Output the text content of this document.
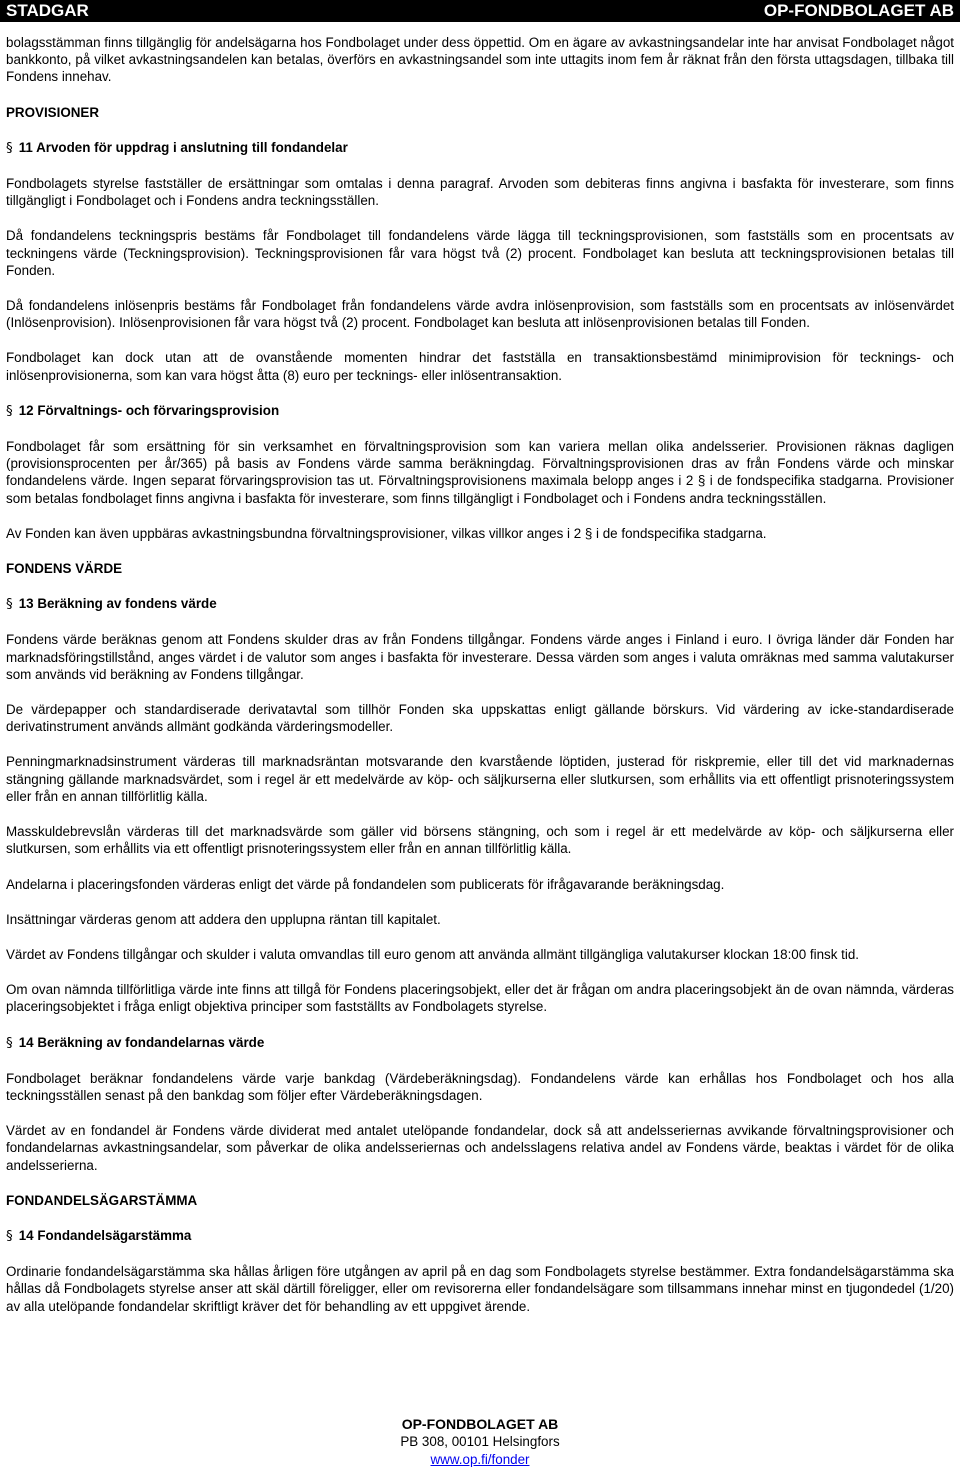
STADGAR	OP-FONDBOLAGET AB

bolagsstämman finns tillgänglig för andelsägarna hos Fondbolaget under dess öppettid. Om en ägare av avkastningsandelar inte har anvisat Fondbolaget något bankkonto, på vilket avkastningsandelen kan betalas, överförs en avkastningsandel som inte uttagits inom fem år räknat från den första uttagsdagen, tillbaka till Fondens innehav.

PROVISIONER
§ 11 Arvoden för uppdrag i anslutning till fondandelar

Fondbolagets styrelse fastställer de ersättningar som omtalas i denna paragraf. Arvoden som debiteras finns angivna i basfakta för investerare, som finns tillgängligt i Fondbolaget och i Fondens andra teckningsställen.

Då fondandelens teckningspris bestäms får Fondbolaget till fondandelens värde lägga till teckningsprovisionen, som fastställs som en procentsats av teckningens värde (Teckningsprovision). Teckningsprovisionen får vara högst två (2) procent. Fondbolaget kan besluta att teckningsprovisionen betalas till Fonden.

Då fondandelens inlösenpris bestäms får Fondbolaget från fondandelens värde avdra inlösenprovision, som fastställs som en procentsats av inlösenvärdet (Inlösenprovision). Inlösenprovisionen får vara högst två (2) procent. Fondbolaget kan besluta att inlösenprovisionen betalas till Fonden.

Fondbolaget kan dock utan att de ovanstående momenten hindrar det fastställa en transaktionsbestämd minimiprovision för tecknings- och inlösenprovisionerna, som kan vara högst åtta (8) euro per tecknings- eller inlösentransaktion.

§ 12 Förvaltnings- och förvaringsprovision

Fondbolaget får som ersättning för sin verksamhet en förvaltningsprovision som kan variera mellan olika andelsserier. Provisionen räknas dagligen (provisionsprocenten per år/365) på basis av Fondens värde samma beräkningdag. Förvaltningsprovisionen dras av från Fondens värde och minskar fondandelens värde. Ingen separat förvaringsprovision tas ut. Förvaltningsprovisionens maximala belopp anges i 2 § i de fondspecifika stadgarna. Provisioner som betalas fondbolaget finns angivna i basfakta för investerare, som finns tillgängligt i Fondbolaget och i Fondens andra teckningsställen.

Av Fonden kan även uppbäras avkastningsbundna förvaltningsprovisioner, vilkas villkor anges i 2 § i de fondspecifika stadgarna.

FONDENS VÄRDE
§ 13 Beräkning av fondens värde

Fondens värde beräknas genom att Fondens skulder dras av från Fondens tillgångar. Fondens värde anges i Finland i euro. I övriga länder där Fonden har marknadsföringstillstånd, anges värdet i de valutor som anges i basfakta för investerare. Dessa värden som anges i valuta omräknas med samma valutakurser som används vid beräkning av Fondens tillgångar.

De värdepapper och standardiserade derivatavtal som tillhör Fonden ska uppskattas enligt gällande börskurs. Vid värdering av icke-standardiserade derivatinstrument används allmänt godkända värderingsmodeller.

Penningmarknadsinstrument värderas till marknadsräntan motsvarande den kvarstående löptiden, justerad för riskpremie, eller till det vid marknadernas stängning gällande marknadsvärdet, som i regel är ett medelvärde av köp- och säljkurserna eller slutkursen, som erhållits via ett offentligt prisnoteringssystem eller från en annan tillförlitlig källa.

Masskuldebrevslån värderas till det marknadsvärde som gäller vid börsens stängning, och som i regel är ett medelvärde av köp- och säljkurserna eller slutkursen, som erhållits via ett offentligt prisnoteringssystem eller från en annan tillförlitlig källa.

Andelarna i placeringsfonden värderas enligt det värde på fondandelen som publicerats för ifrågavarande beräkningsdag.

Insättningar värderas genom att addera den upplupna räntan till kapitalet.

Värdet av Fondens tillgångar och skulder i valuta omvandlas till euro genom att använda allmänt tillgängliga valutakurser klockan 18:00 finsk tid.

Om ovan nämnda tillförlitliga värde inte finns att tillgå för Fondens placeringsobjekt, eller det är frågan om andra placeringsobjekt än de ovan nämnda, värderas placeringsobjektet i fråga enligt objektiva principer som fastställts av Fondbolagets styrelse.

§ 14 Beräkning av fondandelarnas värde

Fondbolaget beräknar fondandelens värde varje bankdag (Värdeberäkningsdag). Fondandelens värde kan erhållas hos Fondbolaget och hos alla teckningsställen senast på den bankdag som följer efter Värdeberäkningsdagen.

Värdet av en fondandel är Fondens värde dividerat med antalet utelöpande fondandelar, dock så att andelsseriernas avvikande förvaltningsprovisioner och fondandelarnas avkastningsandelar, som påverkar de olika andelsseriernas och andelsslagens relativa andel av Fondens värde, beaktas i värdet för de olika andelsserierna.

FONDANDELSÄGARSTÄMMA
§ 14 Fondandelsägarstämma

Ordinarie fondandelsägarstämma ska hållas årligen före utgången av april på en dag som Fondbolagets styrelse bestämmer. Extra fondandelsägarstämma ska hållas då Fondbolagets styrelse anser att skäl därtill föreligger, eller om revisorerna eller fondandelsägare som tillsammans innehar minst en tjugondedel (1/20) av alla utelöpande fondandelar skriftligt kräver det för behandling av ett uppgivet ärende.

OP-FONDBOLAGET AB
PB 308, 00101 Helsingfors
www.op.fi/fonder
